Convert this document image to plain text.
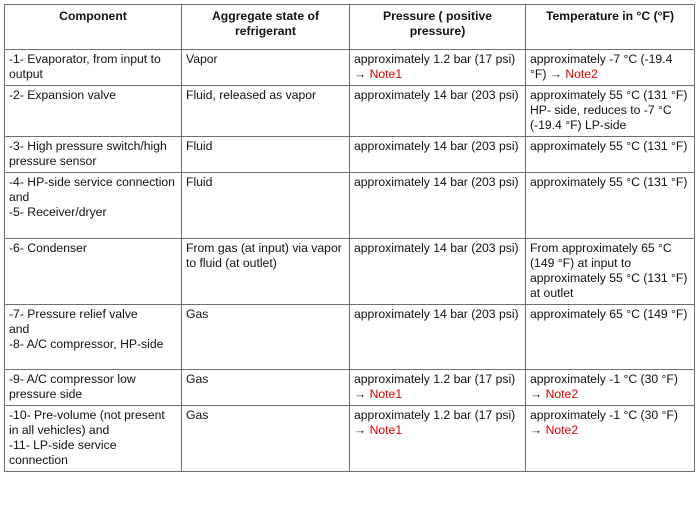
Component	Aggregate state of refrigerant	Pressure ( positive pressure)	Temperature in °C (°F)

-1- Evaporator, from input to output	Vapor	approximately 1.2 bar (17 psi) → Note1	approximately -7 °C (-19.4 °F) → Note2

-2- Expansion valve	Fluid, released as vapor	approximately 14 bar (203 psi)	approximately 55 °C (131 °F) HP- side, reduces to -7 °C (-19.4 °F) LP-side

-3- High pressure switch/high pressure sensor	Fluid	approximately 14 bar (203 psi)	approximately 55 °C (131 °F)

-4- HP-side service connection
and
-5- Receiver/dryer	Fluid	approximately 14 bar (203 psi)	approximately 55 °C (131 °F)

-6- Condenser	From gas (at input) via vapor to fluid (at outlet)	approximately 14 bar (203 psi)	From approximately 65 °C (149 °F) at input to approximately 55 °C (131 °F) at outlet

-7- Pressure relief valve
and
-8- A/C compressor, HP-side	Gas	approximately 14 bar (203 psi)	approximately 65 °C (149 °F)

-9- A/C compressor low pressure side	Gas	approximately 1.2 bar (17 psi) → Note1	approximately -1 °C (30 °F) → Note2

-10- Pre-volume (not present in all vehicles) and
-11- LP-side service connection	Gas	approximately 1.2 bar (17 psi) → Note1	approximately -1 °C (30 °F) → Note2
